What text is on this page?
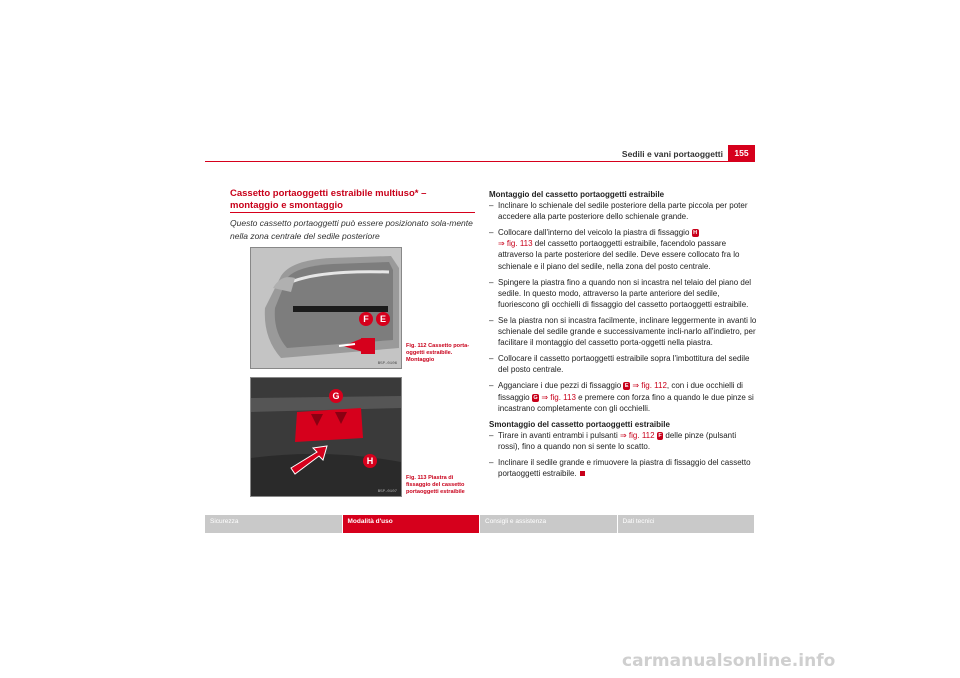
Sedili e vani portaoggetti	155
Cassetto portaoggetti estraibile multiuso* – montaggio e smontaggio
Questo cassetto portaoggetti può essere posizionato sola-mente nella zona centrale del sedile posteriore
F	E
B5P-0106
Fig. 112 Cassetto porta-oggetti estraibile. Montaggio
G
H
B5P-0107
Fig. 113 Piastra di fissaggio del cassetto portaoggetti estraibile

Montaggio del cassetto portaoggetti estraibile

– Inclinare lo schienale del sedile posteriore della parte piccola per poter accedere alla parte posteriore dello schienale grande.

– Collocare dall'interno del veicolo la piastra di fissaggio H
⇒ fig. 113 del cassetto portaoggetti estraibile, facendolo passare attraverso la parte posteriore del sedile. Deve essere collocato fra lo schienale e il piano del sedile, nella zona del posto centrale.

– Spingere la piastra fino a quando non si incastra nel telaio del piano del sedile. In questo modo, attraverso la parte anteriore del sedile, fuoriescono gli occhielli di fissaggio del cassetto portaoggetti estraibile.

– Se la piastra non si incastra facilmente, inclinare leggermente in avanti lo schienale del sedile grande e successivamente incli-narlo all'indietro, per facilitare il montaggio del cassetto porta-oggetti nella piastra.

– Collocare il cassetto portaoggetti estraibile sopra l'imbottitura del sedile del posto centrale.

– Agganciare i due pezzi di fissaggio E ⇒ fig. 112, con i due occhielli di fissaggio G ⇒ fig. 113 e premere con forza fino a quando le due pinze si incastrano completamente con gli occhielli.

Smontaggio del cassetto portaoggetti estraibile

– Tirare in avanti entrambi i pulsanti ⇒ fig. 112 F delle pinze (pulsanti rossi), fino a quando non si sente lo scatto.

– Inclinare il sedile grande e rimuovere la piastra di fissaggio del cassetto portaoggetti estraibile.

Sicurezza	Modalità d'uso	Consigli e assistenza	Dati tecnici
carmanualsonline.info
